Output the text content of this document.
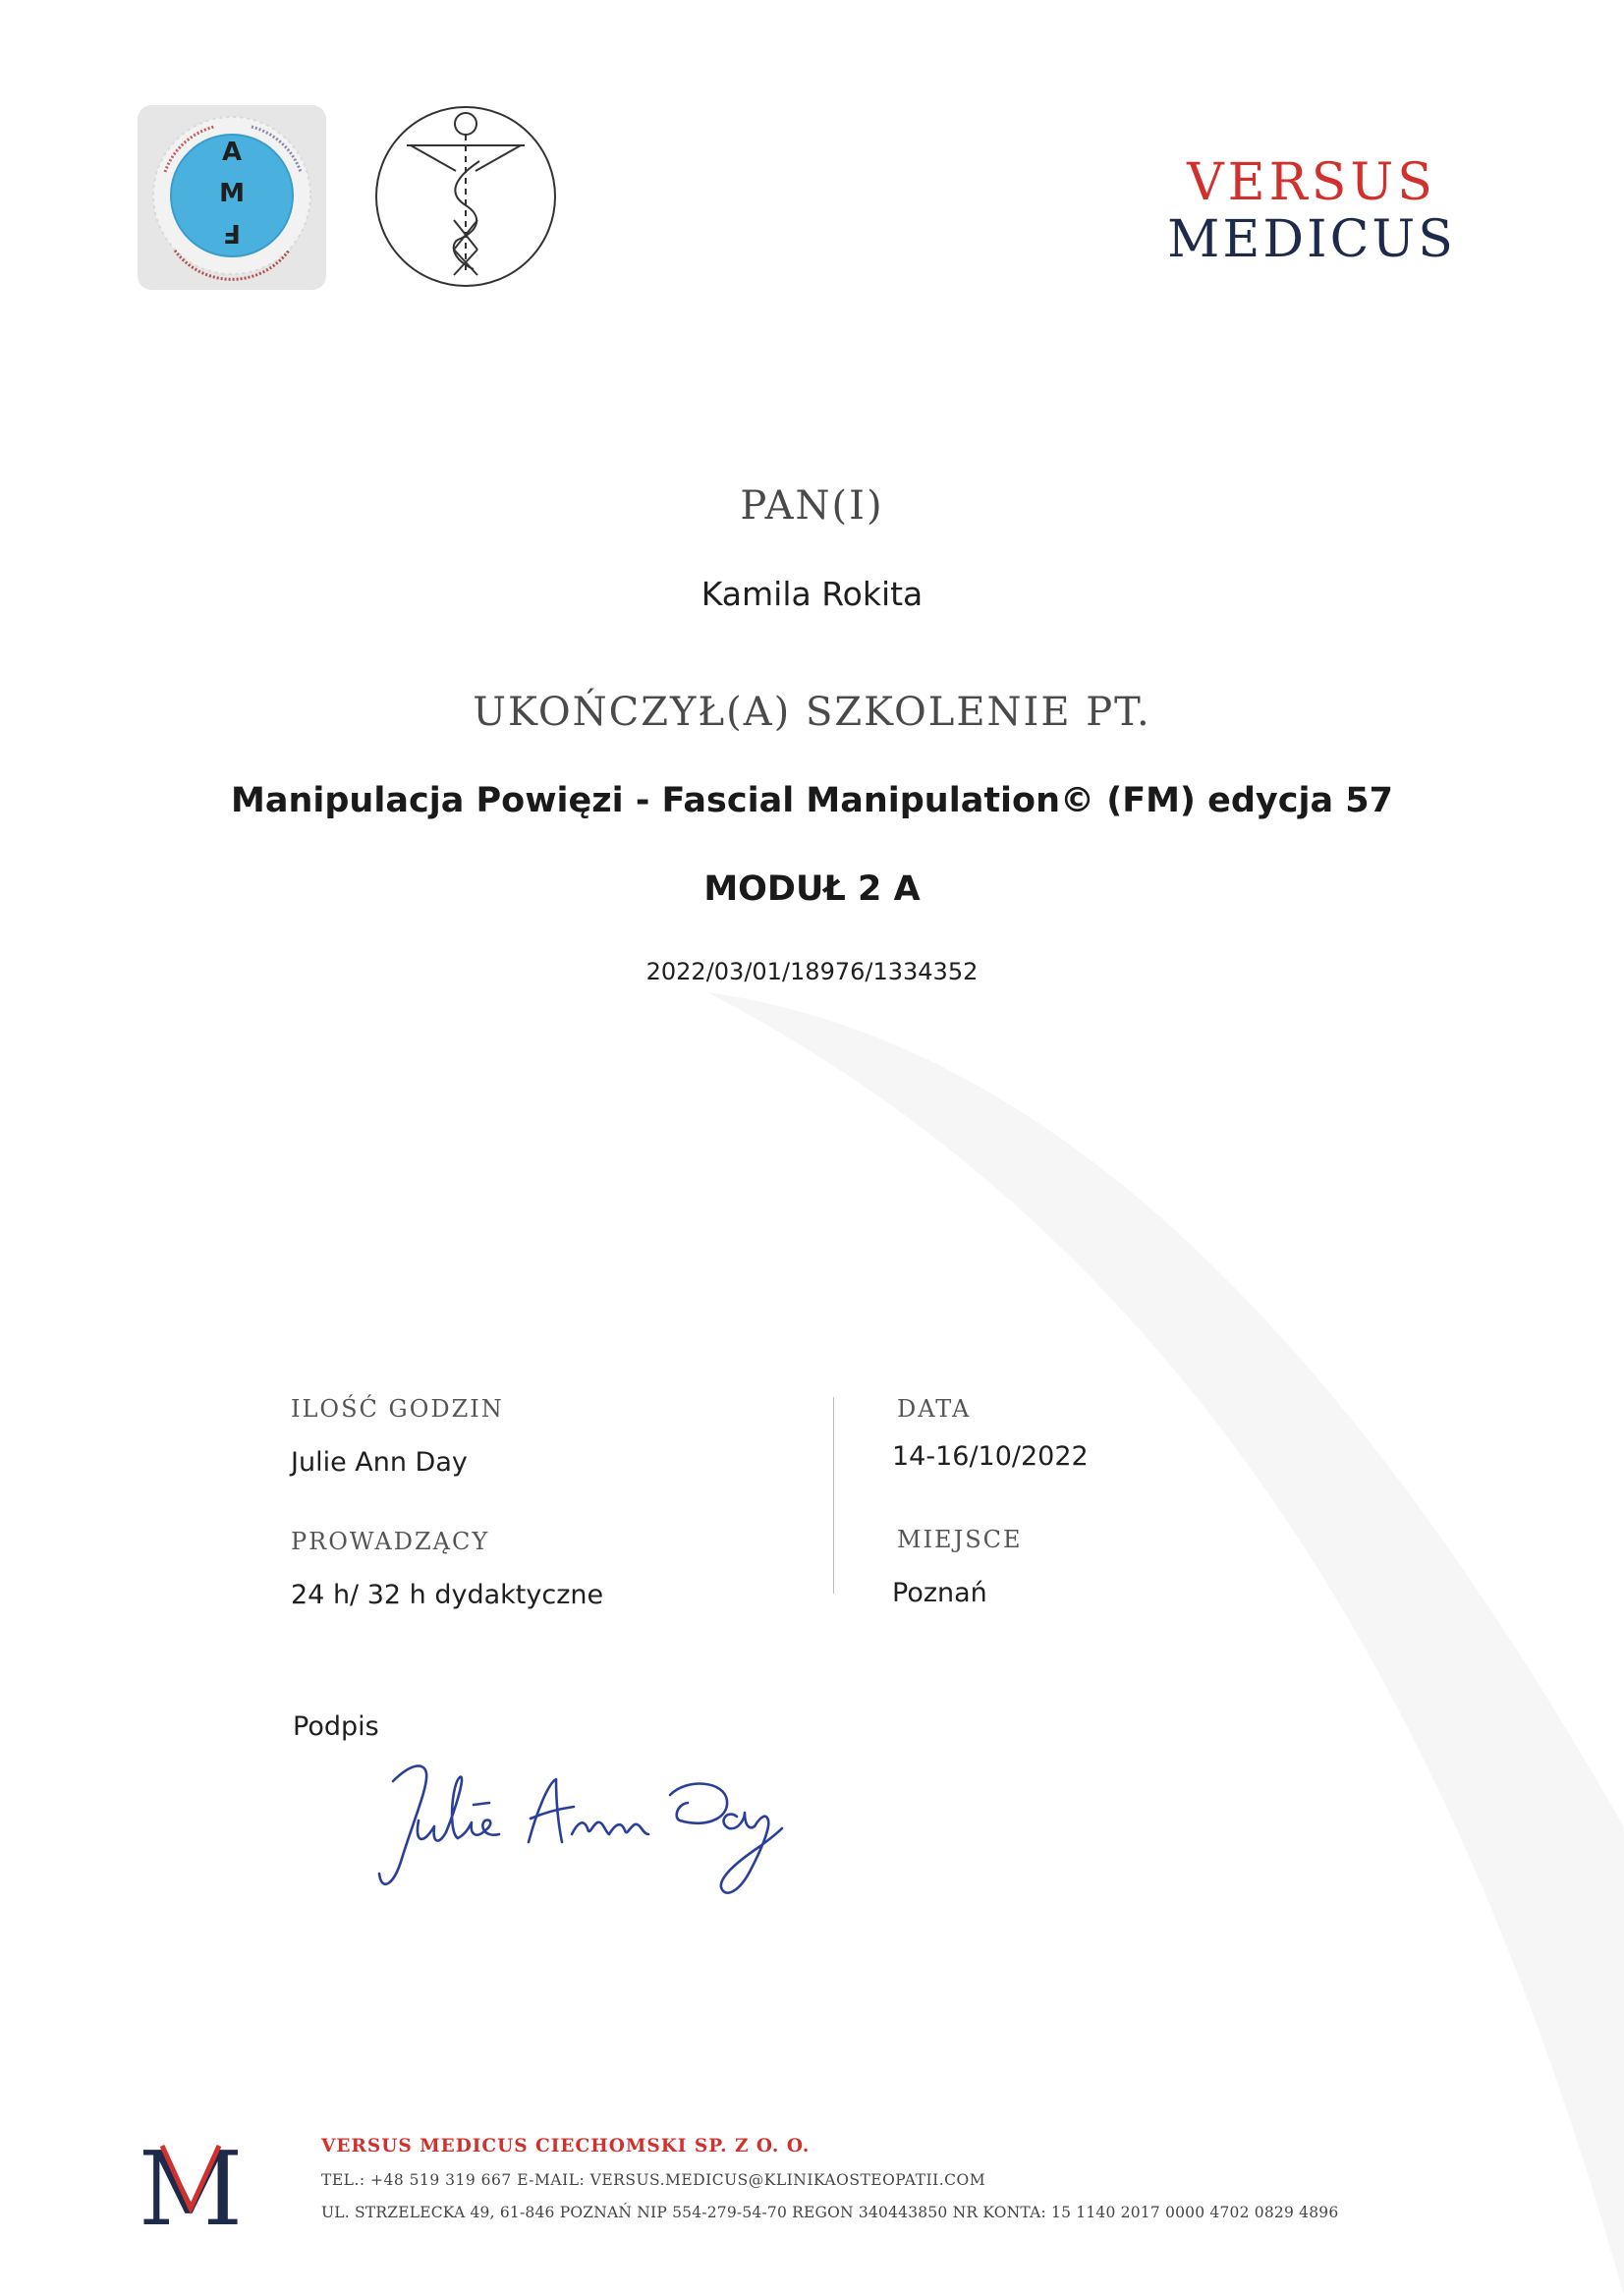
A
M
F
VERSUS
MEDICUS
PAN(I)
Kamila Rokita
UKOŃCZYŁ(A) SZKOLENIE PT.
Manipulacja Powięzi - Fascial Manipulation© (FM) edycja 57
MODUŁ 2 A
2022/03/01/18976/1334352
ILOŚĆ GODZIN
Julie Ann Day
PROWADZĄCY
24 h/ 32 h dydaktyczne
DATA
14-16/10/2022
MIEJSCE
Poznań
Podpis
M	VERSUS MEDICUS CIECHOMSKI SP. Z O. O.
TEL.: +48 519 319 667 E-MAIL: VERSUS.MEDICUS@KLINIKAOSTEOPATII.COM
UL. STRZELECKA 49, 61-846 POZNAŃ NIP 554-279-54-70 REGON 340443850 NR KONTA: 15 1140 2017 0000 4702 0829 4896
